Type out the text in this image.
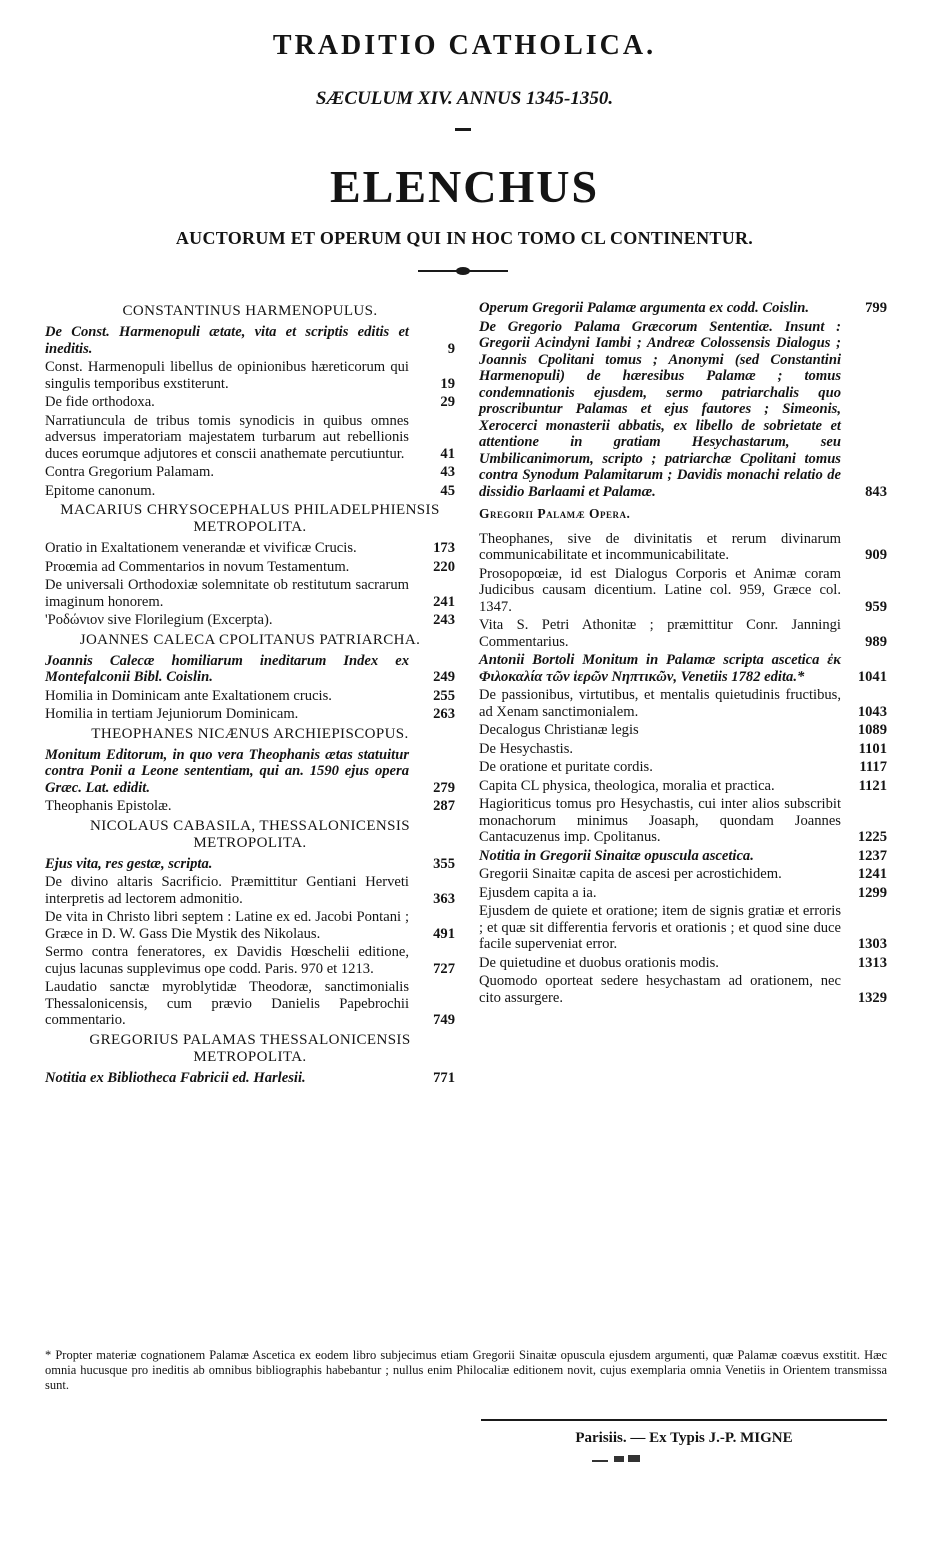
TRADITIO CATHOLICA.
SÆCULUM XIV. ANNUS 1345-1350.
ELENCHUS
AUCTORUM ET OPERUM QUI IN HOC TOMO CL CONTINENTUR.
CONSTANTINUS HARMENOPULUS.
De Const. Harmenopuli ætate, vita et scriptis editis et ineditis.	9
Const. Harmenopuli libellus de opinionibus hæreticorum qui singulis temporibus exstiterunt.	19
De fide orthodoxa.	29
Narratiuncula de tribus tomis synodicis in quibus omnes adversus imperatoriam majestatem turbarum aut rebellionis duces eorumque adjutores et conscii anathemate percutiuntur.	41
Contra Gregorium Palamam.	43
Epitome canonum.	45
MACARIUS CHRYSOCEPHALUS PHILADELPHIENSIS METROPOLITA.
Oratio in Exaltationem venerandæ et vivificæ Crucis.	173
Proœmia ad Commentarios in novum Testamentum.	220
De universali Orthodoxiæ solemnitate ob restitutum sacrarum imaginum honorem.	241
'Ροδώνιον sive Florilegium (Excerpta).	243
JOANNES CALECA CPOLITANUS PATRIARCHA.
Joannis Calecæ homiliarum ineditarum Index ex Montefalconii Bibl. Coislin.	249
Homilia in Dominicam ante Exaltationem crucis.	255
Homilia in tertiam Jejuniorum Dominicam.	263
THEOPHANES NICÆNUS ARCHIEPISCOPUS.
Monitum Editorum, in quo vera Theophanis ætas statuitur contra Ponii a Leone sententiam, qui an. 1590 ejus opera Græc. Lat. edidit.	279
Theophanis Epistolæ.	287
NICOLAUS CABASILA, THESSALONICENSIS METROPOLITA.
Ejus vita, res gestæ, scripta.	355
De divino altaris Sacrificio. Præmittitur Gentiani Herveti interpretis ad lectorem admonitio.	363
De vita in Christo libri septem : Latine ex ed. Jacobi Pontani ; Græce in D. W. Gass Die Mystik des Nikolaus.	491
Sermo contra feneratores, ex Davidis Hœschelii editione, cujus lacunas supplevimus ope codd. Paris. 970 et 1213.	727
Laudatio sanctæ myroblytidæ Theodoræ, sanctimonialis Thessalonicensis, cum prævio Danielis Papebrochii commentario.	749
GREGORIUS PALAMAS THESSALONICENSIS METROPOLITA.
Notitia ex Bibliotheca Fabricii ed. Harlesii.	771
Operum Gregorii Palamæ argumenta ex codd. Coislin.	799
De Gregorio Palama Græcorum Sententiæ. Insunt : Gregorii Acindyni Iambi ; Andreæ Colossensis Dialogus ; Joannis Cpolitani tomus ; Anonymi (sed Constantini Harmenopuli) de hæresibus Palamæ ; tomus condemnationis ejusdem, sermo patriarchalis quo proscribuntur Palamas et ejus fautores ; Simeonis, Xerocerci monasterii abbatis, ex libello de sobrietate et attentione in gratiam Hesychastarum, seu Umbilicanimorum, scripto ; patriarchæ Cpolitani tomus contra Synodum Palamitarum ; Davidis monachi relatio de dissidio Barlaami et Palamæ.	843
Gregorii Palamæ Opera.
Theophanes, sive de divinitatis et rerum divinarum communicabilitate et incommunicabilitate.	909
Prosopopœiæ, id est Dialogus Corporis et Animæ coram Judicibus causam dicentium. Latine col. 959, Græce col. 1347.	959
Vita S. Petri Athonitæ ; præmittitur Conr. Janningi Commentarius.	989
Antonii Bortoli Monitum in Palamæ scripta ascetica ἐκ Φιλοκαλία τῶν ἱερῶν Νηπτικῶν, Venetiis 1782 edita.*	1041
De passionibus, virtutibus, et mentalis quietudinis fructibus, ad Xenam sanctimonialem.	1043
Decalogus Christianæ legis	1089
De Hesychastis.	1101
De oratione et puritate cordis.	1117
Capita CL physica, theologica, moralia et practica.	1121
Hagioriticus tomus pro Hesychastis, cui inter alios subscribit monachorum minimus Joasaph, quondam Joannes Cantacuzenus imp. Cpolitanus.	1225
Notitia in Gregorii Sinaitæ opuscula ascetica.	1237
Gregorii Sinaitæ capita de ascesi per acrostichidem.	1241
Ejusdem capita a ia.	1299
Ejusdem de quiete et oratione; item de signis gratiæ et erroris ; et quæ sit differentia fervoris et orationis ; et quod sine duce facile superveniat error.	1303
De quietudine et duobus orationis modis.	1313
Quomodo oporteat sedere hesychastam ad orationem, nec cito assurgere.	1329
* Propter materiæ cognationem Palamæ Ascetica ex eodem libro subjecimus etiam Gregorii Sinaitæ opuscula ejusdem argumenti, quæ Palamæ coævus exstitit. Hæc omnia hucusque pro ineditis ab omnibus bibliographis habebantur ; nullus enim Philocaliæ editionem novit, cujus exemplaria omnia Venetiis in Orientem transmissa sunt.
Parisiis. — Ex Typis J.-P. MIGNE
